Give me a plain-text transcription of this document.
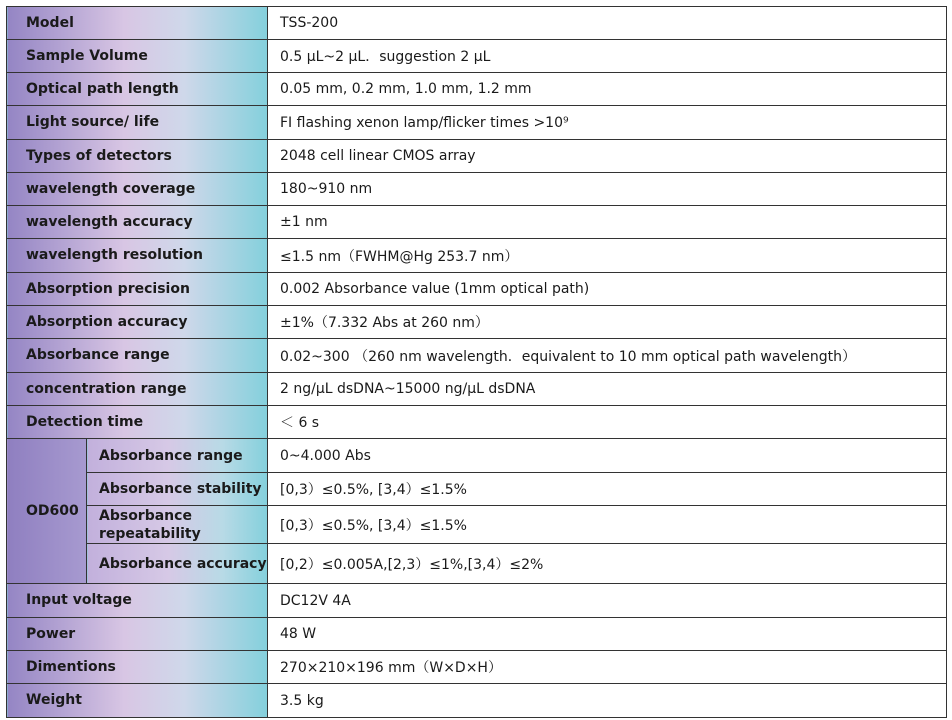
Model		TSS-200
Sample Volume		0.5 μL~2 μL．suggestion 2 μL
Optical path length		0.05 mm, 0.2 mm, 1.0 mm, 1.2 mm
Light source/ life		FI flashing xenon lamp/flicker times >10⁹
Types of detectors		2048 cell linear CMOS array
wavelength coverage		180~910 nm
wavelength accuracy		±1 nm
wavelength resolution		≤1.5 nm（FWHM@Hg 253.7 nm）
Absorption precision		0.002 Absorbance value (1mm optical path)
Absorption accuracy		±1%（7.332 Abs at 260 nm）
Absorbance range		0.02~300 （260 nm wavelength．equivalent to 10 mm optical path wavelength）
concentration range		2 ng/μL dsDNA~15000 ng/μL dsDNA
Detection time		＜ 6 s
OD600	Absorbance range	0~4.000 Abs
	Absorbance stability	[0,3）≤0.5%, [3,4）≤1.5%
	Absorbance repeatability	[0,3）≤0.5%, [3,4）≤1.5%
	Absorbance accuracy	[0,2）≤0.005A,[2,3）≤1%,[3,4）≤2%
Input voltage		DC12V 4A
Power		48 W
Dimentions		270×210×196 mm（W×D×H）
Weight		3.5 kg
